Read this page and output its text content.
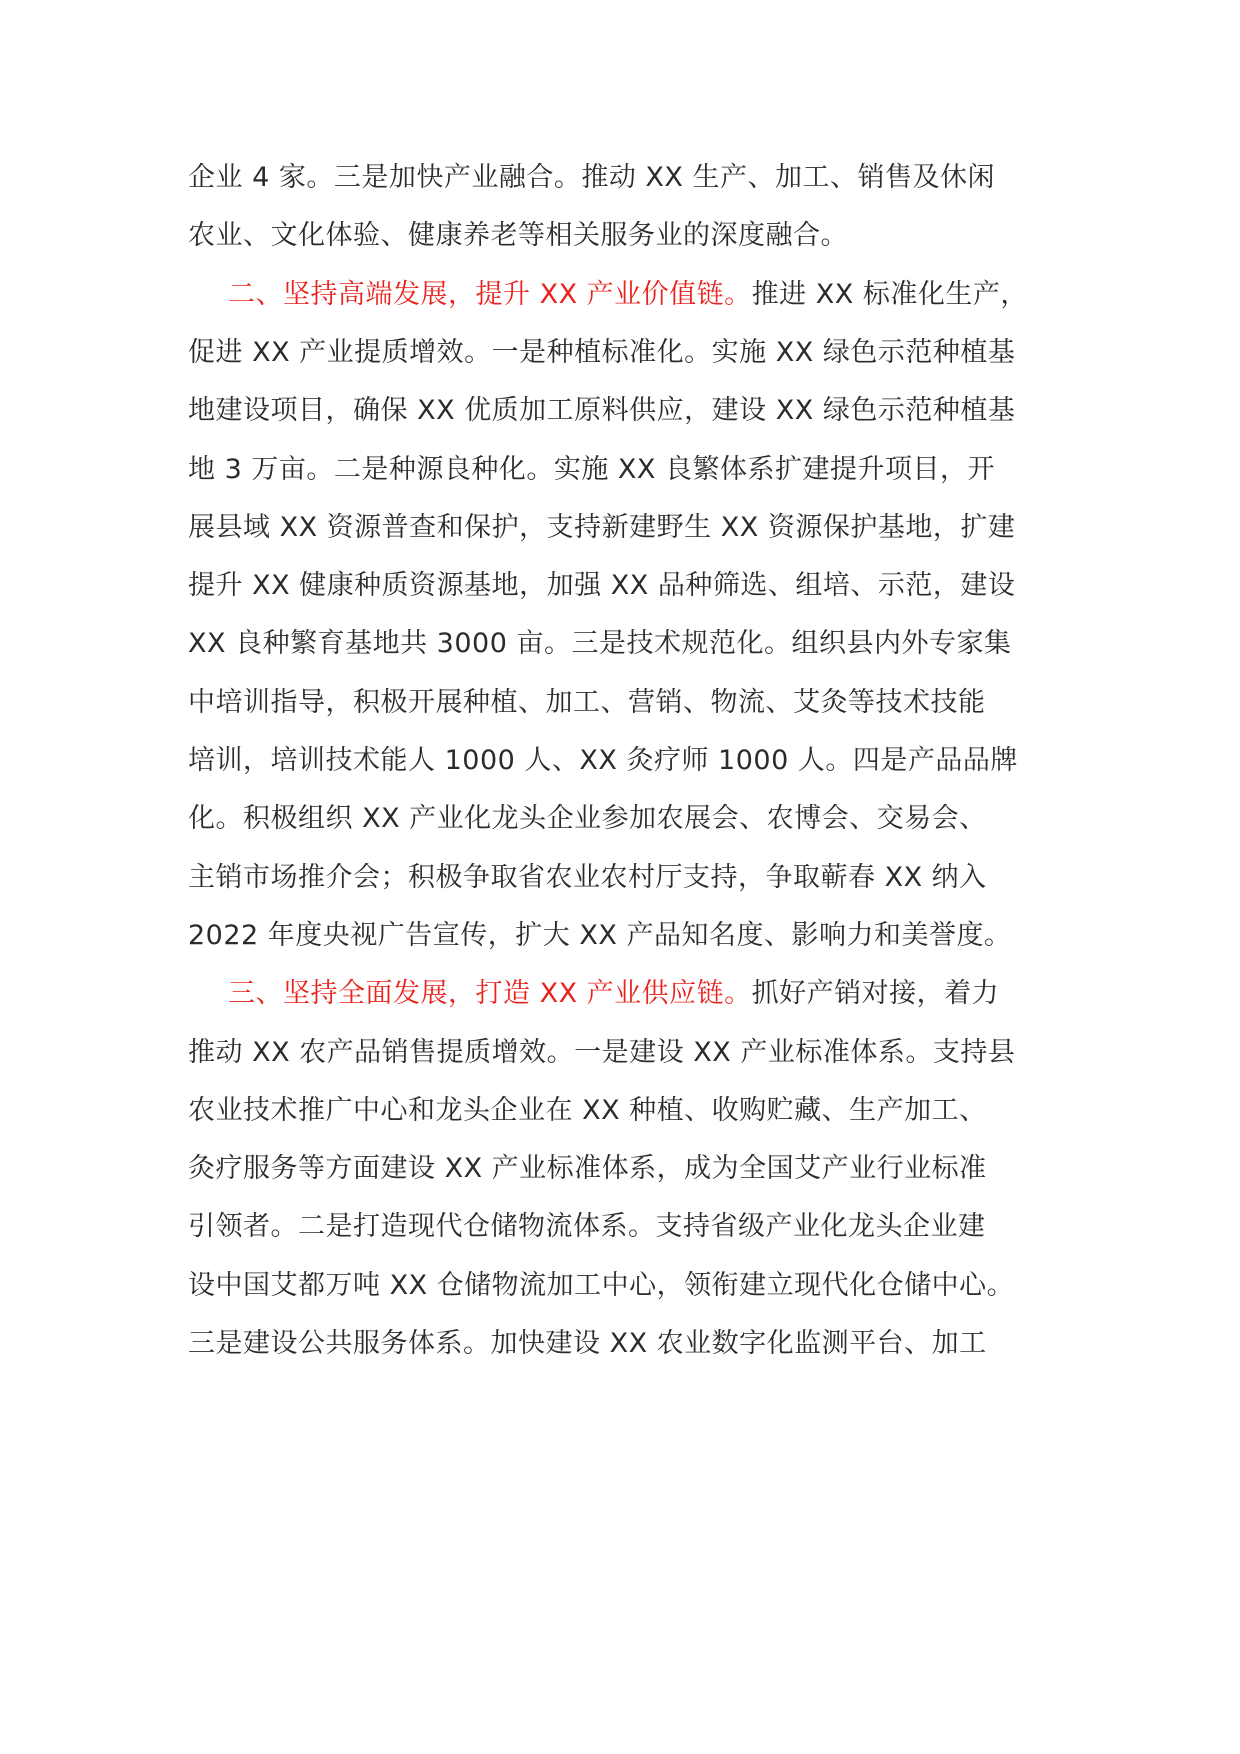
企业 4 家。三是加快产业融合。推动 XX 生产、加工、销售及休闲
农业、文化体验、健康养老等相关服务业的深度融合。
二、坚持高端发展，提升 XX 产业价值链。推进 XX 标准化生产，
促进 XX 产业提质增效。一是种植标准化。实施 XX 绿色示范种植基
地建设项目，确保 XX 优质加工原料供应，建设 XX 绿色示范种植基
地 3 万亩。二是种源良种化。实施 XX 良繁体系扩建提升项目，开
展县域 XX 资源普查和保护，支持新建野生 XX 资源保护基地，扩建
提升 XX 健康种质资源基地，加强 XX 品种筛选、组培、示范，建设
XX 良种繁育基地共 3000 亩。三是技术规范化。组织县内外专家集
中培训指导，积极开展种植、加工、营销、物流、艾灸等技术技能
培训，培训技术能人 1000 人、XX 灸疗师 1000 人。四是产品品牌
化。积极组织 XX 产业化龙头企业参加农展会、农博会、交易会、
主销市场推介会；积极争取省农业农村厅支持，争取蕲春 XX 纳入
2022 年度央视广告宣传，扩大 XX 产品知名度、影响力和美誉度。
三、坚持全面发展，打造 XX 产业供应链。抓好产销对接，着力
推动 XX 农产品销售提质增效。一是建设 XX 产业标准体系。支持县
农业技术推广中心和龙头企业在 XX 种植、收购贮藏、生产加工、
灸疗服务等方面建设 XX 产业标准体系，成为全国艾产业行业标准
引领者。二是打造现代仓储物流体系。支持省级产业化龙头企业建
设中国艾都万吨 XX 仓储物流加工中心，领衔建立现代化仓储中心。
三是建设公共服务体系。加快建设 XX 农业数字化监测平台、加工
